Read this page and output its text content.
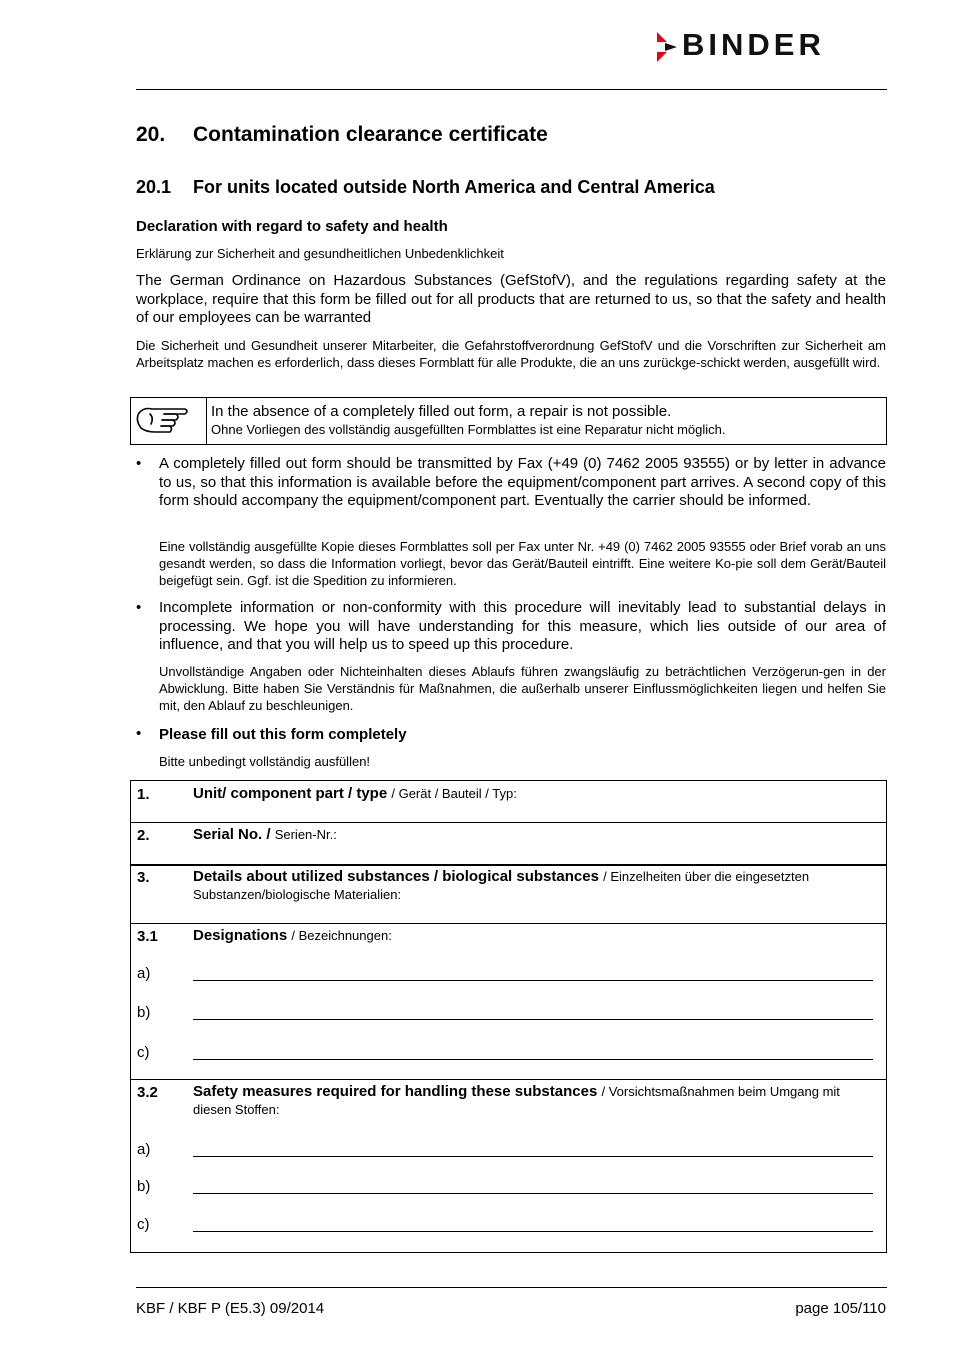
BINDER
20. Contamination clearance certificate
20.1 For units located outside North America and Central America
Declaration with regard to safety and health
Erklärung zur Sicherheit and gesundheitlichen Unbedenklichkeit
The German Ordinance on Hazardous Substances (GefStofV), and the regulations regarding safety at the workplace, require that this form be filled out for all products that are returned to us, so that the safety and health of our employees can be warranted
Die Sicherheit und Gesundheit unserer Mitarbeiter, die Gefahrstoffverordnung GefStofV und die Vorschriften zur Sicherheit am Arbeitsplatz machen es erforderlich, dass dieses Formblatt für alle Produkte, die an uns zurückge-schickt werden, ausgefüllt wird.
In the absence of a completely filled out form, a repair is not possible.
Ohne Vorliegen des vollständig ausgefüllten Formblattes ist eine Reparatur nicht möglich.
• A completely filled out form should be transmitted by Fax (+49 (0) 7462 2005 93555) or by letter in advance to us, so that this information is available before the equipment/component part arrives. A second copy of this form should accompany the equipment/component part. Eventually the carrier should be informed.
Eine vollständig ausgefüllte Kopie dieses Formblattes soll per Fax unter Nr. +49 (0) 7462 2005 93555 oder Brief vorab an uns gesandt werden, so dass die Information vorliegt, bevor das Gerät/Bauteil eintrifft. Eine weitere Ko-pie soll dem Gerät/Bauteil beigefügt sein. Ggf. ist die Spedition zu informieren.
• Incomplete information or non-conformity with this procedure will inevitably lead to substantial delays in processing. We hope you will have understanding for this measure, which lies outside of our area of influence, and that you will help us to speed up this procedure.
Unvollständige Angaben oder Nichteinhalten dieses Ablaufs führen zwangsläufig zu beträchtlichen Verzögerun-gen in der Abwicklung. Bitte haben Sie Verständnis für Maßnahmen, die außerhalb unserer Einflussmöglichkeiten liegen und helfen Sie mit, den Ablauf zu beschleunigen.
• Please fill out this form completely
Bitte unbedingt vollständig ausfüllen!
1.	Unit/ component part / type / Gerät / Bauteil / Typ:
2.	Serial No. / Serien-Nr.:
3.	Details about utilized substances / biological substances / Einzelheiten über die eingesetzten Substanzen/biologische Materialien:
3.1 Designations / Bezeichnungen:
a)
b)
c)
3.2 Safety measures required for handling these substances / Vorsichtsmaßnahmen beim Umgang mit diesen Stoffen:
a)
b)
c)
KBF / KBF P (E5.3) 09/2014	page 105/110
